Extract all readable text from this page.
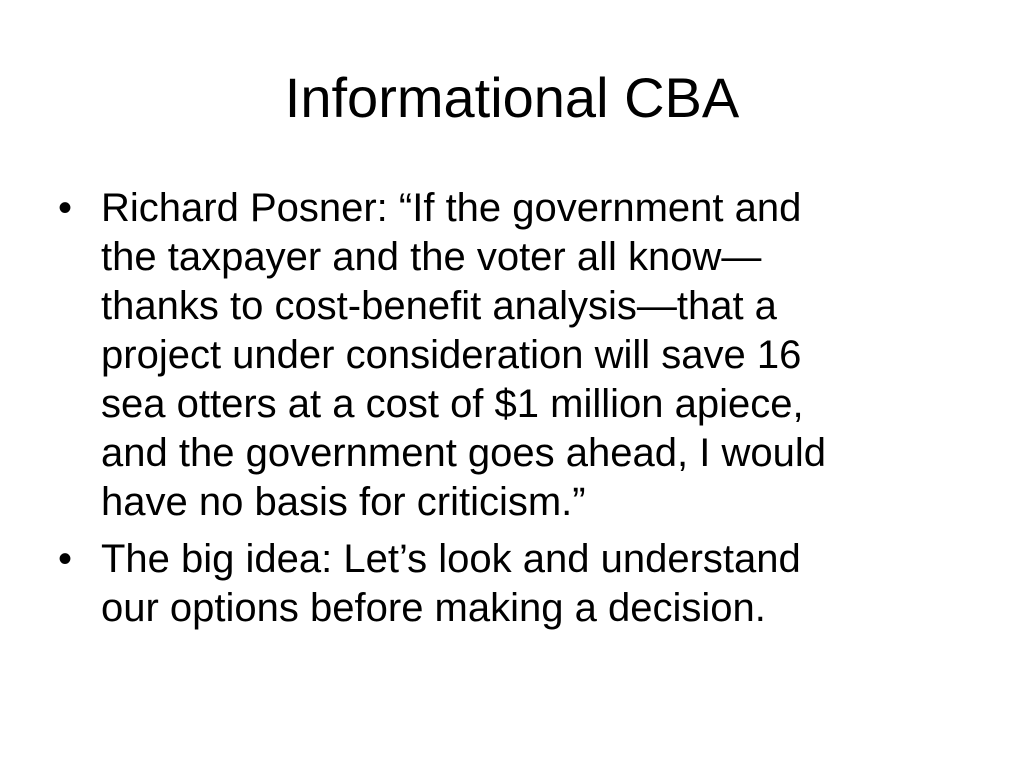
Informational CBA
• Richard Posner: “If the government and
the taxpayer and the voter all know—
thanks to cost-benefit analysis—that a
project under consideration will save 16
sea otters at a cost of $1 million apiece,
and the government goes ahead, I would
have no basis for criticism.”
• The big idea: Let’s look and understand
our options before making a decision.
